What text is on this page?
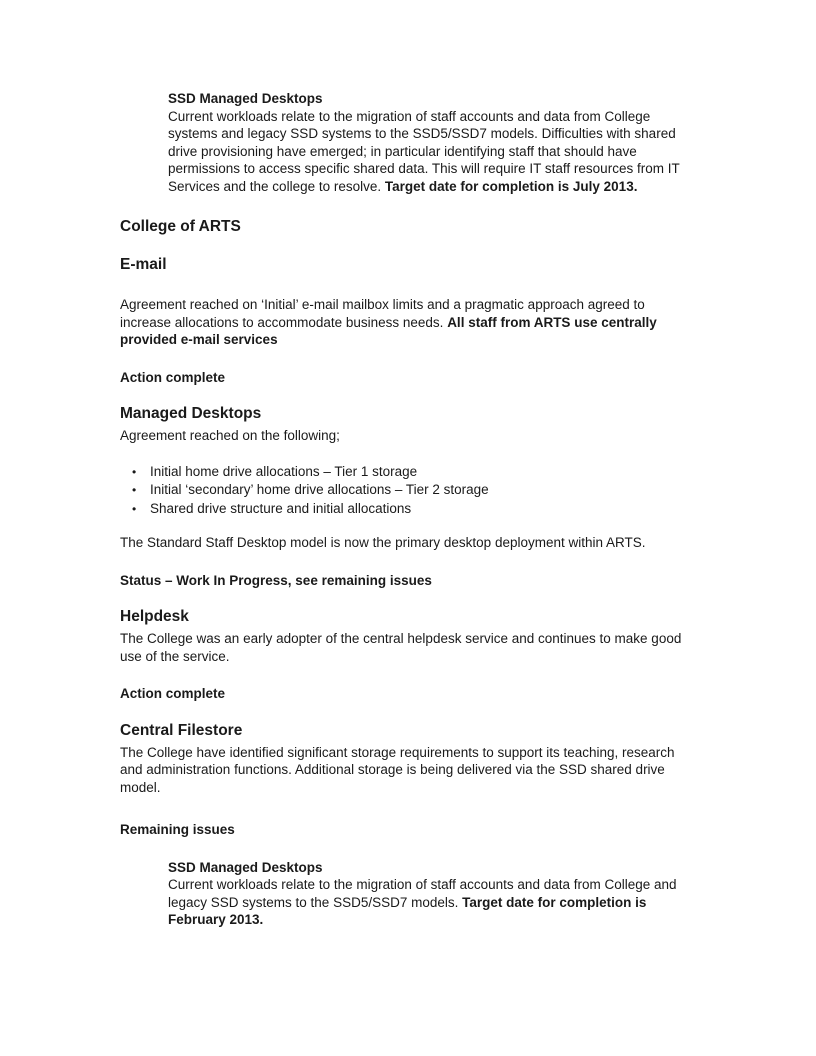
SSD Managed Desktops
Current workloads relate to the migration of staff accounts and data from College systems and legacy SSD systems to the SSD5/SSD7 models. Difficulties with shared drive provisioning have emerged; in particular identifying staff that should have permissions to access specific shared data. This will require IT staff resources from IT Services and the college to resolve. Target date for completion is July 2013.
College of ARTS
E-mail
Agreement reached on ‘Initial’ e-mail mailbox limits and a pragmatic approach agreed to increase allocations to accommodate business needs. All staff from ARTS use centrally provided e-mail services
Action complete
Managed Desktops
Agreement reached on the following;
•	Initial home drive allocations – Tier 1 storage
•	Initial ‘secondary’ home drive allocations – Tier 2 storage
•	Shared drive structure and initial allocations
The Standard Staff Desktop model is now the primary desktop deployment within ARTS.
Status – Work In Progress, see remaining issues
Helpdesk
The College was an early adopter of the central helpdesk service and continues to make good use of the service.
Action complete
Central Filestore
The College have identified significant storage requirements to support its teaching, research and administration functions. Additional storage is being delivered via the SSD shared drive model.
Remaining issues
SSD Managed Desktops
Current workloads relate to the migration of staff accounts and data from College and legacy SSD systems to the SSD5/SSD7 models. Target date for completion is February 2013.
